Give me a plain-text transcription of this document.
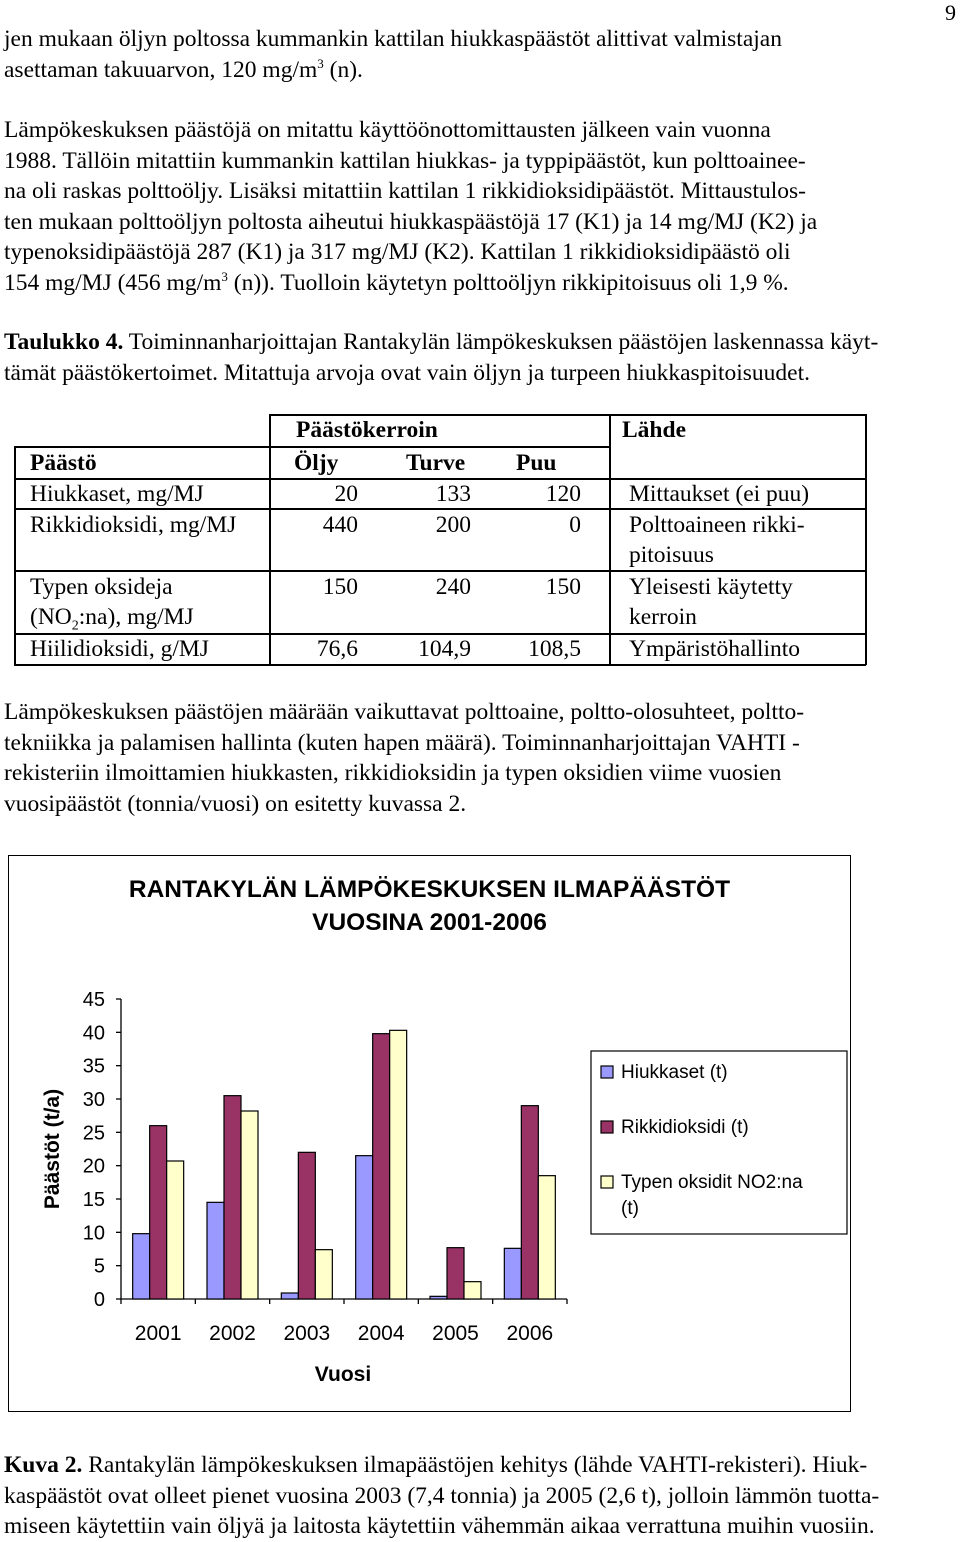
9

jen mukaan öljyn poltossa kummankin kattilan hiukkaspäästöt alittivat valmistajan
asettaman takuuarvon, 120 $mg/m^3$ (n).

Lämpökeskuksen päästöjä on mitattu käyttöönottomittausten jälkeen vain vuonna
1988. Tällöin mitattiin kummankin kattilan hiukkas- ja typpipäästöt, kun polttoainee-
na oli raskas polttoöljy. Lisäksi mitattiin kattilan 1 rikkidioksidipäästöt. Mittaustulos-
ten mukaan polttoöljyn poltosta aiheutui hiukkaspäästöjä 17 (K1) ja 14 mg/MJ (K2) ja
typenoksidipäästöjä 287 (K1) ja 317 mg/MJ (K2). Kattilan 1 rikkidioksidipäästö oli
154 mg/MJ (456 $mg/m^3$ (n)). Tuolloin käytetyn polttoöljyn rikkipitoisuus oli 1,9 %.

Taulukko 4. Toiminnanharjoittajan Rantakylän lämpökeskuksen päästöjen laskennassa käyt-
tämät päästökertoimet. Mitattuja arvoja ovat vain öljyn ja turpeen hiukkaspitoisuudet.

Päästökerroin	Lähde
Päästö	Öljy	Turve Puu
Hiukkaset, mg/MJ	20	133	120 Mittaukset (ei puu)
Rikkidioksidi, mg/MJ	440	200	0 Polttoaineen rikki-
pitoisuus
Typen oksideja
$(NO_2:na)$, mg/MJ
150	240	150 Yleisesti käytetty
kerroin
Hiilidioksidi, g/MJ	76,6	104,9	108,5 Ympäristöhallinto

Lämpökeskuksen päästöjen määrään vaikuttavat polttoaine, poltto-olosuhteet, poltto-
tekniikka ja palamisen hallinta (kuten hapen määrä). Toiminnanharjoittajan VAHTI -
rekisteriin ilmoittamien hiukkasten, rikkidioksidin ja typen oksidien viime vuosien
vuosipäästöt (tonnia/vuosi) on esitetty kuvassa 2.

RANTAKYLÄN LÄMPÖKESKUKSEN ILMAPÄÄSTÖT
VUOSINA 2001-2006
0
5
10
15
20
25
30
35
40
45
2001 2002 2003 2004 2005 2006
Vuosi
Päästöt (t/a)
Hiukkaset (t)
Rikkidioksidi (t)
Typen oksidit NO2:na
(t)

Kuva 2. Rantakylän lämpökeskuksen ilmapäästöjen kehitys (lähde VAHTI-rekisteri). Hiuk-
kaspäästöt ovat olleet pienet vuosina 2003 (7,4 tonnia) ja 2005 (2,6 t), jolloin lämmön tuotta-
miseen käytettiin vain öljyä ja laitosta käytettiin vähemmän aikaa verrattuna muihin vuosiin.
